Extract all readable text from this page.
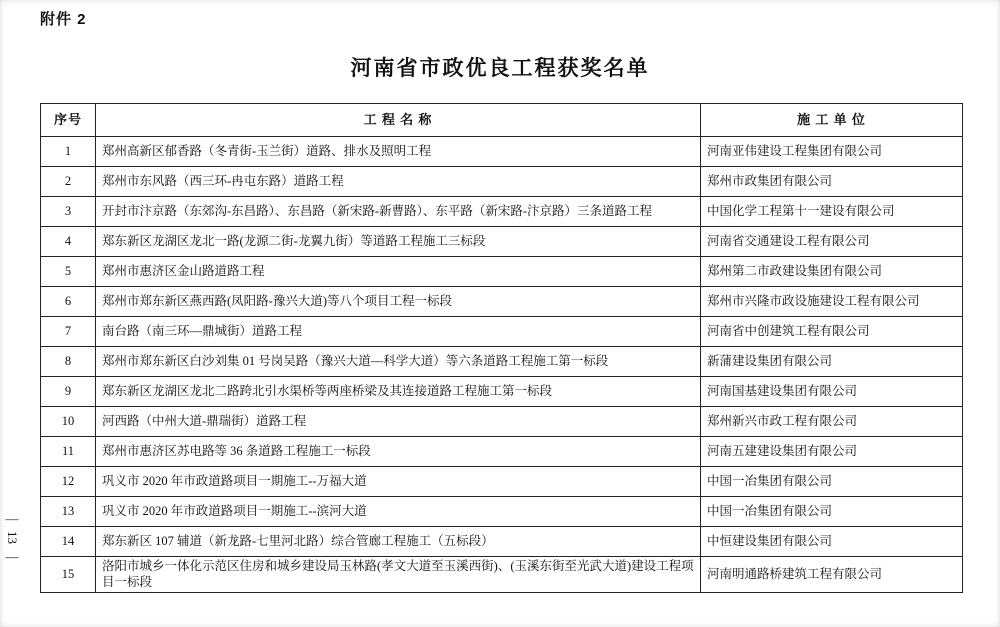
附件 2
河南省市政优良工程获奖名单
序号	工 程 名 称	施 工 单 位
1	郑州高新区郁香路（冬青街-玉兰街）道路、排水及照明工程	河南亚伟建设工程集团有限公司
2	郑州市东风路（西三环-冉屯东路）道路工程	郑州市政集团有限公司
3	开封市汴京路（东郊沟-东昌路）、东昌路（新宋路-新曹路）、东平路（新宋路-汴京路）三条道路工程	中国化学工程第十一建设有限公司
4	郑东新区龙湖区龙北一路(龙源二街-龙翼九街）等道路工程施工三标段	河南省交通建设工程有限公司
5	郑州市惠济区金山路道路工程	郑州第二市政建设集团有限公司
6	郑州市郑东新区燕西路(凤阳路-豫兴大道)等八个项目工程一标段	郑州市兴隆市政设施建设工程有限公司
7	南台路（南三环—鼎城街）道路工程	河南省中创建筑工程有限公司
8	郑州市郑东新区白沙刘集 01 号岗吴路（豫兴大道—科学大道）等六条道路工程施工第一标段	新蒲建设集团有限公司
9	郑东新区龙湖区龙北二路跨北引水渠桥等两座桥梁及其连接道路工程施工第一标段	河南国基建设集团有限公司
10	河西路（中州大道-鼎瑞街）道路工程	郑州新兴市政工程有限公司
11	郑州市惠济区苏电路等 36 条道路工程施工一标段	河南五建建设集团有限公司
12	巩义市 2020 年市政道路项目一期施工--万福大道	中国一冶集团有限公司
13	巩义市 2020 年市政道路项目一期施工--滨河大道	中国一冶集团有限公司
14	郑东新区 107 辅道（新龙路-七里河北路）综合管廊工程施工（五标段）	中恒建设集团有限公司
15	洛阳市城乡一体化示范区住房和城乡建设局玉林路(孝文大道至玉溪西街)、(玉溪东街至光武大道)建设工程项目一标段	河南明通路桥建筑工程有限公司
—
13
—
